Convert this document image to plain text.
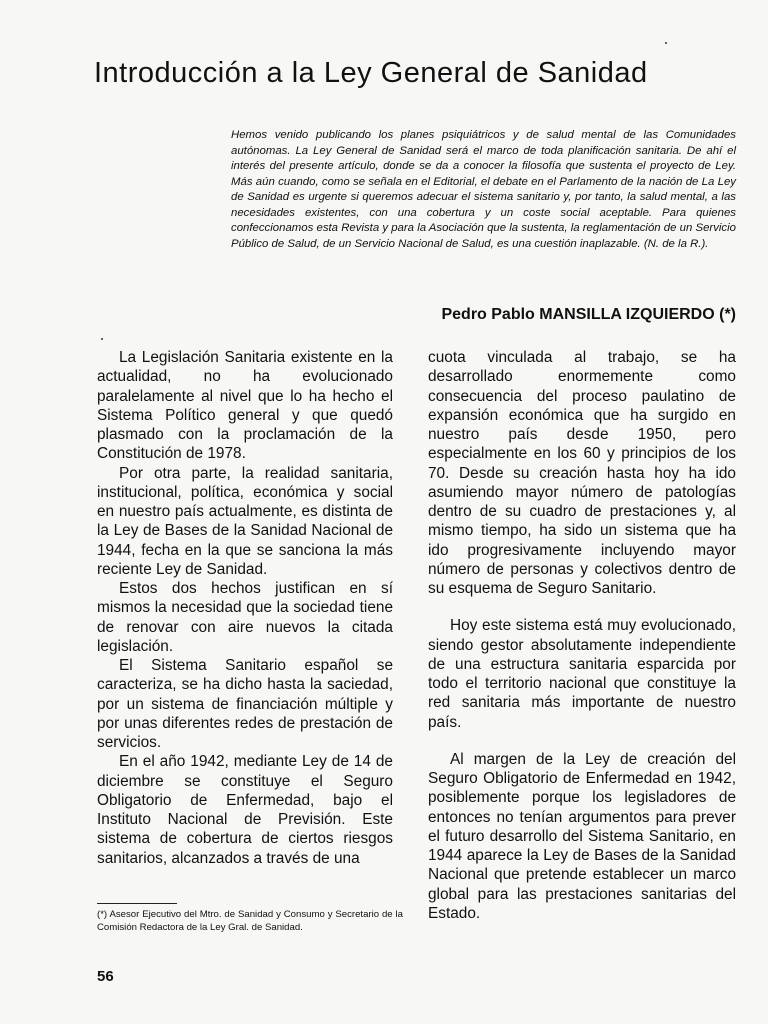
Introducción a la Ley General de Sanidad

Hemos venido publicando los planes psiquiátricos y de salud mental de las Comunidades autónomas. La Ley General de Sanidad será el marco de toda planificación sanitaria. De ahí el interés del presente artículo, donde se da a conocer la filosofía que sustenta el proyecto de Ley. Más aún cuando, como se señala en el Editorial, el debate en el Parlamento de la nación de La Ley de Sanidad es urgente si queremos adecuar el sistema sanitario y, por tanto, la salud mental, a las necesidades existentes, con una cobertura y un coste social aceptable. Para quienes confeccionamos esta Revista y para la Asociación que la sustenta, la reglamentación de un Servicio Público de Salud, de un Servicio Nacional de Salud, es una cuestión inaplazable. (N. de la R.).

Pedro Pablo MANSILLA IZQUIERDO (*)

La Legislación Sanitaria existente en la actualidad, no ha evolucionado paralelamente al nivel que lo ha hecho el Sistema Político general y que quedó plasmado con la proclamación de la Constitución de 1978.

Por otra parte, la realidad sanitaria, institucional, política, económica y social en nuestro país actualmente, es distinta de la Ley de Bases de la Sanidad Nacional de 1944, fecha en la que se sanciona la más reciente Ley de Sanidad.

Estos dos hechos justifican en sí mismos la necesidad que la sociedad tiene de renovar con aire nuevos la citada legislación.

El Sistema Sanitario español se caracteriza, se ha dicho hasta la saciedad, por un sistema de financiación múltiple y por unas diferentes redes de prestación de servicios.

En el año 1942, mediante Ley de 14 de diciembre se constituye el Seguro Obligatorio de Enfermedad, bajo el Instituto Nacional de Previsión. Este sistema de cobertura de ciertos riesgos sanitarios, alcanzados a través de una

cuota vinculada al trabajo, se ha desarrollado enormemente como consecuencia del proceso paulatino de expansión económica que ha surgido en nuestro país desde 1950, pero especialmente en los 60 y principios de los 70. Desde su creación hasta hoy ha ido asumiendo mayor número de patologías dentro de su cuadro de prestaciones y, al mismo tiempo, ha sido un sistema que ha ido progresivamente incluyendo mayor número de personas y colectivos dentro de su esquema de Seguro Sanitario.

Hoy este sistema está muy evolucionado, siendo gestor absolutamente independiente de una estructura sanitaria esparcida por todo el territorio nacional que constituye la red sanitaria más importante de nuestro país.

Al margen de la Ley de creación del Seguro Obligatorio de Enfermedad en 1942, posiblemente porque los legisladores de entonces no tenían argumentos para prever el futuro desarrollo del Sistema Sanitario, en 1944 aparece la Ley de Bases de la Sanidad Nacional que pretende establecer un marco global para las prestaciones sanitarias del Estado.

(*) Asesor Ejecutivo del Mtro. de Sanidad y Consumo y Secretario de la Comisión Redactora de la Ley Gral. de Sanidad.

56
